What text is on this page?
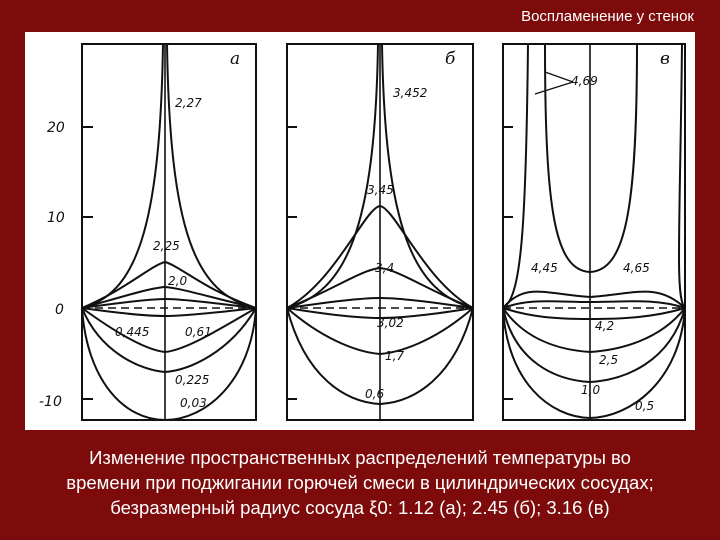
Воспламенение у стенок
20
10
0
-10
а
2,27
2,25
2,0
0,445	0,61
0,225
0,03
б
3,452
3,45
3,4
3,02
1,7
0,6
в
4,69
4,45	4,65
4,2
2,5
1,0
0,5
Изменение пространственных распределений температуры во
времени при поджигании горючей смеси в цилиндрических сосудах;
безразмерный радиус сосуда ξ0: 1.12 (а); 2.45 (б); 3.16 (в)
